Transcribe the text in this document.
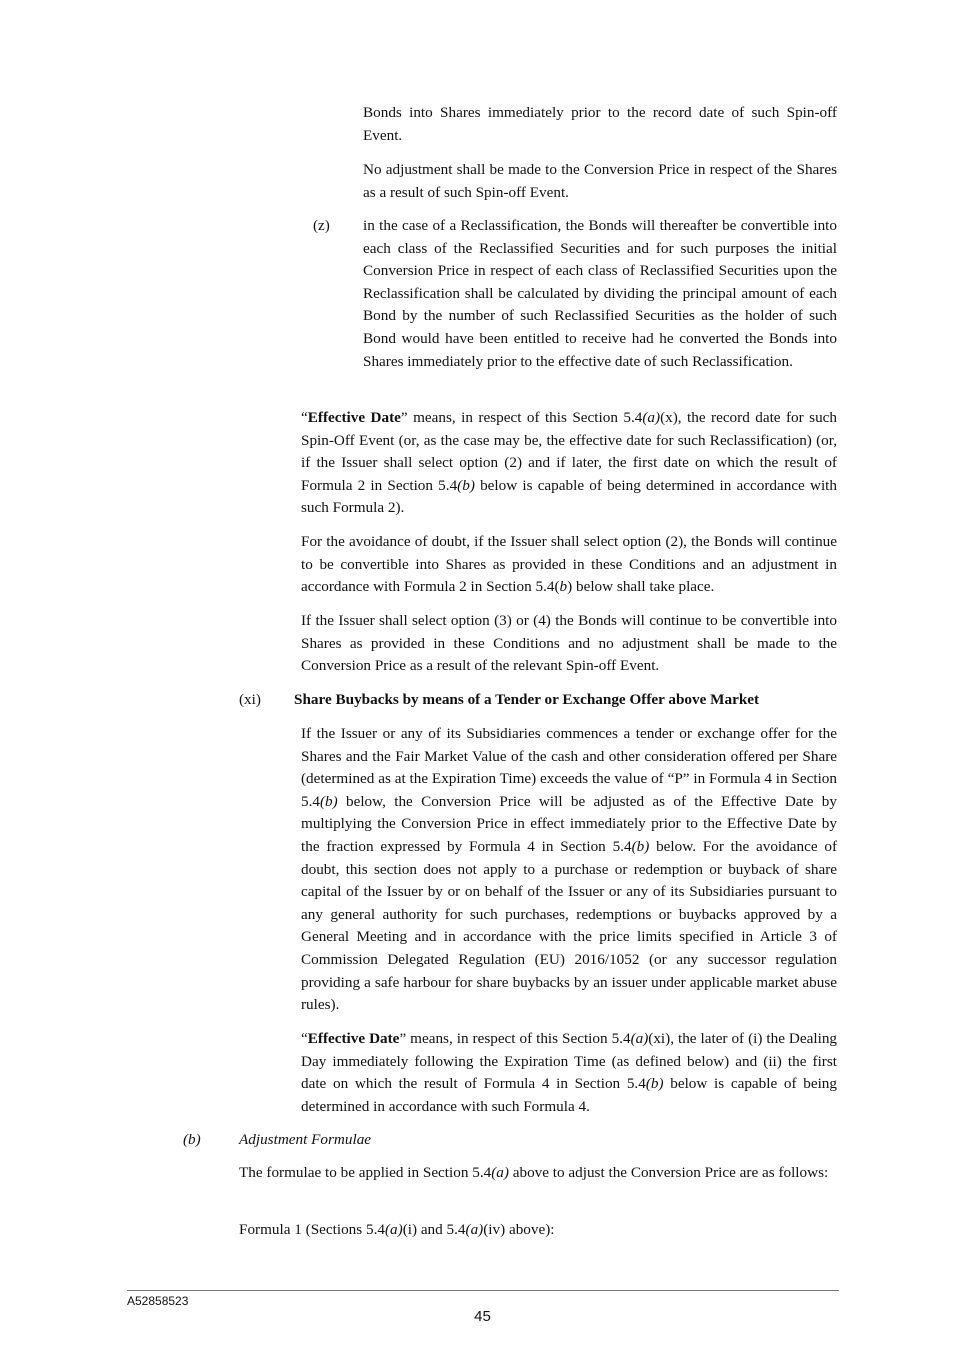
Bonds into Shares immediately prior to the record date of such Spin-off Event.

No adjustment shall be made to the Conversion Price in respect of the Shares as a result of such Spin-off Event.

(z) in the case of a Reclassification, the Bonds will thereafter be convertible into each class of the Reclassified Securities and for such purposes the initial Conversion Price in respect of each class of Reclassified Securities upon the Reclassification shall be calculated by dividing the principal amount of each Bond by the number of such Reclassified Securities as the holder of such Bond would have been entitled to receive had he converted the Bonds into Shares immediately prior to the effective date of such Reclassification.

“Effective Date” means, in respect of this Section 5.4(a)(x), the record date for such Spin-Off Event (or, as the case may be, the effective date for such Reclassification) (or, if the Issuer shall select option (2) and if later, the first date on which the result of Formula 2 in Section 5.4(b) below is capable of being determined in accordance with such Formula 2).

For the avoidance of doubt, if the Issuer shall select option (2), the Bonds will continue to be convertible into Shares as provided in these Conditions and an adjustment in accordance with Formula 2 in Section 5.4(b) below shall take place.

If the Issuer shall select option (3) or (4) the Bonds will continue to be convertible into Shares as provided in these Conditions and no adjustment shall be made to the Conversion Price as a result of the relevant Spin-off Event.

(xi) Share Buybacks by means of a Tender or Exchange Offer above Market

If the Issuer or any of its Subsidiaries commences a tender or exchange offer for the Shares and the Fair Market Value of the cash and other consideration offered per Share (determined as at the Expiration Time) exceeds the value of “P” in Formula 4 in Section 5.4(b) below, the Conversion Price will be adjusted as of the Effective Date by multiplying the Conversion Price in effect immediately prior to the Effective Date by the fraction expressed by Formula 4 in Section 5.4(b) below. For the avoidance of doubt, this section does not apply to a purchase or redemption or buyback of share capital of the Issuer by or on behalf of the Issuer or any of its Subsidiaries pursuant to any general authority for such purchases, redemptions or buybacks approved by a General Meeting and in accordance with the price limits specified in Article 3 of Commission Delegated Regulation (EU) 2016/1052 (or any successor regulation providing a safe harbour for share buybacks by an issuer under applicable market abuse rules).

“Effective Date” means, in respect of this Section 5.4(a)(xi), the later of (i) the Dealing Day immediately following the Expiration Time (as defined below) and (ii) the first date on which the result of Formula 4 in Section 5.4(b) below is capable of being determined in accordance with such Formula 4.

(b)	Adjustment Formulae

The formulae to be applied in Section 5.4(a) above to adjust the Conversion Price are as follows:

Formula 1 (Sections 5.4(a)(i) and 5.4(a)(iv) above):

A52858523
45
